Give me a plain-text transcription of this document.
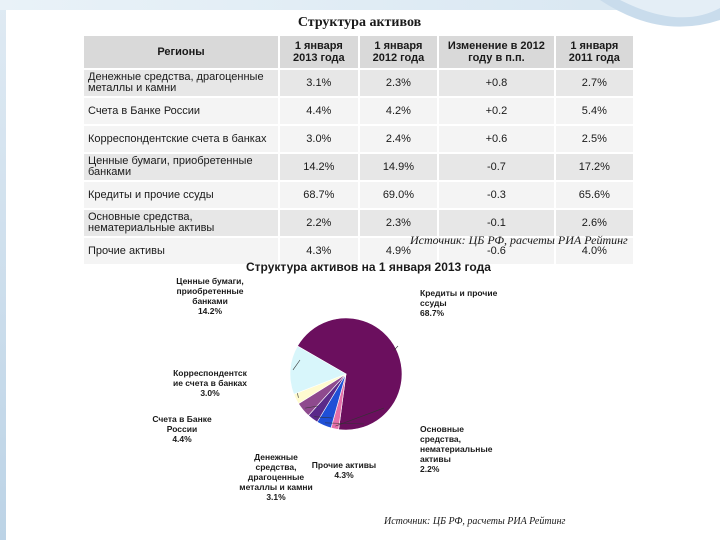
Структура активов
Регионы	1 января 2013 года	1 января 2012 года	Изменение в 2012 году в п.п.	1 января 2011 года
Денежные средства, драгоценные металлы и камни	3.1%	2.3%	+0.8	2.7%
Счета в Банке России	4.4%	4.2%	+0.2	5.4%
Корреспондентские счета в банках	3.0%	2.4%	+0.6	2.5%
Ценные бумаги, приобретенные банками	14.2%	14.9%	-0.7	17.2%
Кредиты и прочие ссуды	68.7%	69.0%	-0.3	65.6%
Основные средства, нематериальные активы	2.2%	2.3%	-0.1	2.6%
Прочие активы	4.3%	4.9%	-0.6	4.0%
Источник: ЦБ РФ, расчеты РИА Рейтинг
Структура активов на 1 января 2013 года
Кредиты и прочие ссуды 68.7%
Основные средства, нематериальные активы 2.2%
Прочие активы 4.3%
Денежные средства, драгоценные металлы и камни 3.1%
Счета в Банке России 4.4%
Корреспондентск ие счета в банках 3.0%
Ценные бумаги, приобретенные банками 14.2%
Источник: ЦБ РФ, расчеты РИА Рейтинг
